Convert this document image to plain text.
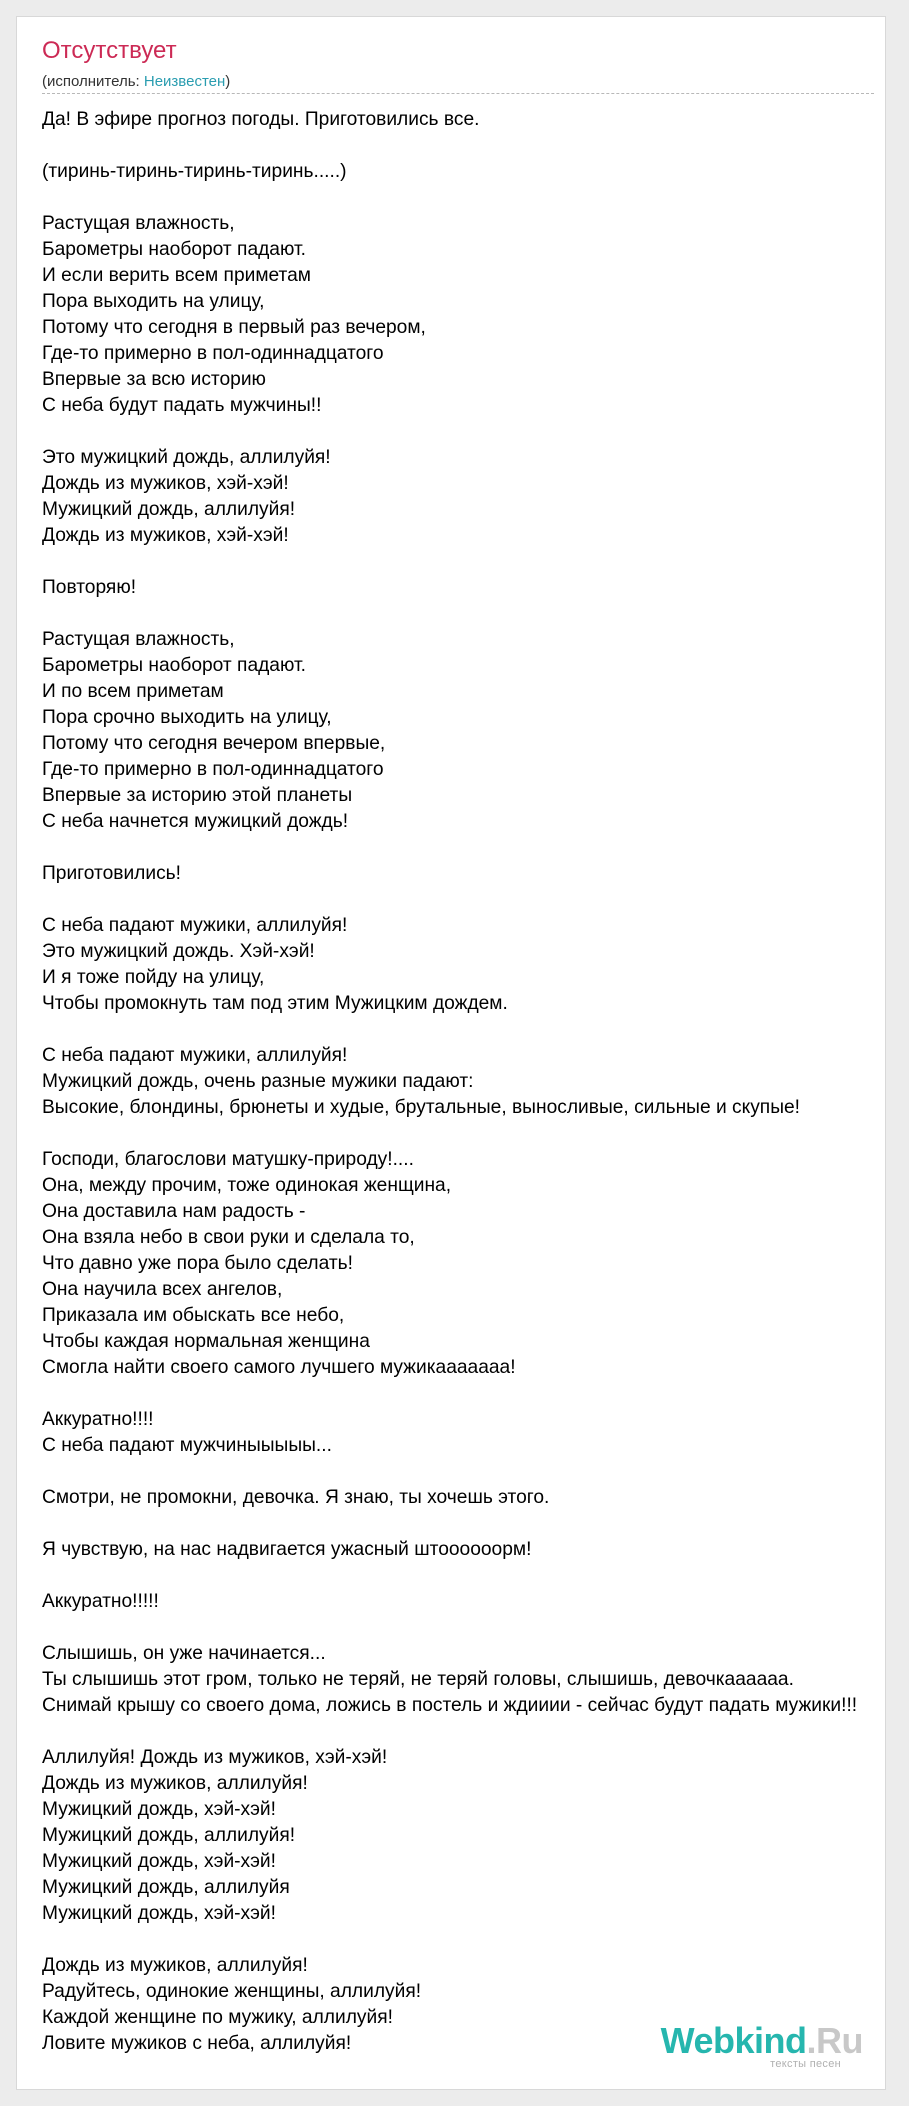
Отсутствует
(исполнитель: Неизвестен)
Да! В эфире прогноз погоды. Приготовились все.
(тиринь-тиринь-тиринь-тиринь.....)
Растущая влажность,
Барометры наоборот падают.
И если верить всем приметам
Пора выходить на улицу,
Потому что сегодня в первый раз вечером,
Где-то примерно в пол-одиннадцатого
Впервые за всю историю
С неба будут падать мужчины!!
Это мужицкий дождь, аллилуйя!
Дождь из мужиков, хэй-хэй!
Мужицкий дождь, аллилуйя!
Дождь из мужиков, хэй-хэй!
Повторяю!
Растущая влажность,
Барометры наоборот падают.
И по всем приметам
Пора срочно выходить на улицу,
Потому что сегодня вечером впервые,
Где-то примерно в пол-одиннадцатого
Впервые за историю этой планеты
С неба начнется мужицкий дождь!
Приготовились!
С неба падают мужики, аллилуйя!
Это мужицкий дождь. Хэй-хэй!
И я тоже пойду на улицу,
Чтобы промокнуть там под этим Мужицким дождем.
С неба падают мужики, аллилуйя!
Мужицкий дождь, очень разные мужики падают:
Высокие, блондины, брюнеты и худые, брутальные, выносливые, сильные и скупые!
Господи, благослови матушку-природу!....
Она, между прочим, тоже одинокая женщина,
Она доставила нам радость -
Она взяла небо в свои руки и сделала то,
Что давно уже пора было сделать!
Она научила всех ангелов,
Приказала им обыскать все небо,
Чтобы каждая нормальная женщина
Смогла найти своего самого лучшего мужикааааааа!
Аккуратно!!!!
С неба падают мужчиныыыыы...
Смотри, не промокни, девочка. Я знаю, ты хочешь этого.
Я чувствую, на нас надвигается ужасный штоооооорм!
Аккуратно!!!!!
Слышишь, он уже начинается...
Ты слышишь этот гром, только не теряй, не теряй головы, слышишь, девочкаааааа.
Снимай крышу со своего дома, ложись в постель и ждииии - сейчас будут падать мужики!!!
Аллилуйя! Дождь из мужиков, хэй-хэй!
Дождь из мужиков, аллилуйя!
Мужицкий дождь, хэй-хэй!
Мужицкий дождь, аллилуйя!
Мужицкий дождь, хэй-хэй!
Мужицкий дождь, аллилуйя
Мужицкий дождь, хэй-хэй!
Дождь из мужиков, аллилуйя!
Радуйтесь, одинокие женщины, аллилуйя!
Каждой женщине по мужику, аллилуйя!
Ловите мужиков с неба, аллилуйя!	Webkind.Ru
тексты песен
